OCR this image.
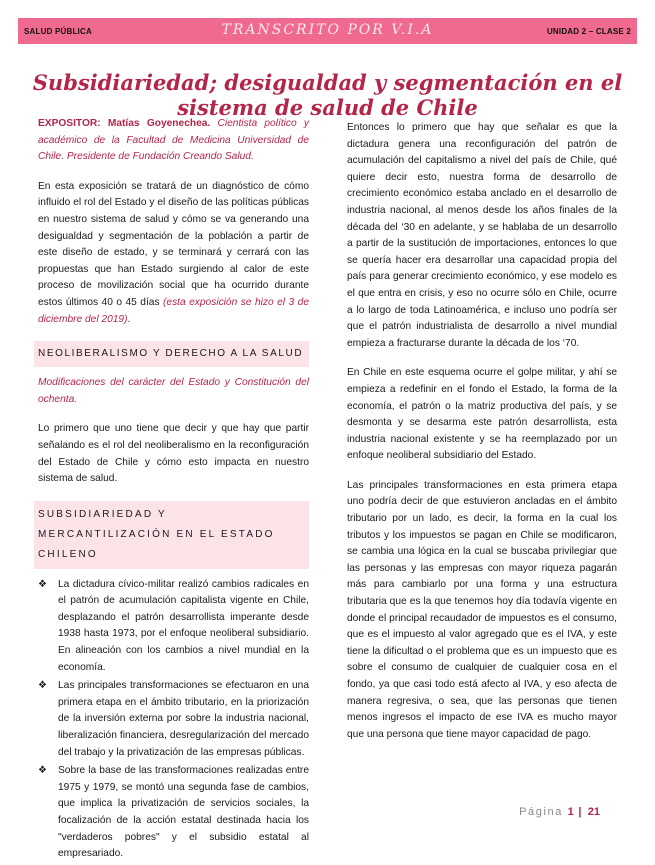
SALUD PÚBLICA	TRANSCRITO POR V.I.A	UNIDAD 2 – CLASE 2
Subsidiariedad; desigualdad y segmentación en el sistema de salud de Chile

EXPOSITOR: Matías Goyenechea. Cientista político y académico de la Facultad de Medicina Universidad de Chile. Presidente de Fundación Creando Salud.

En esta exposición se tratará de un diagnóstico de cómo influido el rol del Estado y el diseño de las políticas públicas en nuestro sistema de salud y cómo se va generando una desigualdad y segmentación de la población a partir de este diseño de estado, y se terminará y cerrará con las propuestas que han Estado surgiendo al calor de este proceso de movilización social que ha ocurrido durante estos últimos 40 o 45 días (esta exposición se hizo el 3 de diciembre del 2019).

NEOLIBERALISMO Y DERECHO A LA SALUD

Modificaciones del carácter del Estado y Constitución del ochenta.

Lo primero que uno tiene que decir y que hay que partir señalando es el rol del neoliberalismo en la reconfiguración del Estado de Chile y cómo esto impacta en nuestro sistema de salud.

SUBSIDIARIEDAD Y MERCANTILIZACIÓN EN EL ESTADO CHILENO
❖ La dictadura cívico-militar realizó cambios radicales en el patrón de acumulación capitalista vigente en Chile, desplazando el patrón desarrollista imperante desde 1938 hasta 1973, por el enfoque neoliberal subsidiario. En alineación con los cambios a nivel mundial en la economía.
❖ Las principales transformaciones se efectuaron en una primera etapa en el ámbito tributario, en la priorización de la inversión externa por sobre la industria nacional, liberalización financiera, desregularización del mercado del trabajo y la privatización de las empresas públicas.
❖ Sobre la base de las transformaciones realizadas entre 1975 y 1979, se montó una segunda fase de cambios, que implica la privatización de servicios sociales, la focalización de la acción estatal destinada hacia los "verdaderos pobres" y el subsidio estatal al empresariado.

Entonces lo primero que hay que señalar es que la dictadura genera una reconfiguración del patrón de acumulación del capitalismo a nivel del país de Chile, qué quiere decir esto, nuestra forma de desarrollo de crecimiento económico estaba anclado en el desarrollo de industria nacional, al menos desde los años finales de la década del ‘30 en adelante, y se hablaba de un desarrollo a partir de la sustitución de importaciones, entonces lo que se quería hacer era desarrollar una capacidad propia del país para generar crecimiento económico, y ese modelo es el que entra en crisis, y eso no ocurre sólo en Chile, ocurre a lo largo de toda Latinoamérica, e incluso uno podría ser que el patrón industrialista de desarrollo a nivel mundial empieza a fracturarse durante la década de los ‘70.

En Chile en este esquema ocurre el golpe militar, y ahí se empieza a redefinir en el fondo el Estado, la forma de la economía, el patrón o la matriz productiva del país, y se desmonta y se desarma este patrón desarrollista, esta industria nacional existente y se ha reemplazado por un enfoque neoliberal subsidiario del Estado.

Las principales transformaciones en esta primera etapa uno podría decir de que estuvieron ancladas en el ámbito tributario por un lado, es decir, la forma en la cual los tributos y los impuestos se pagan en Chile se modificaron, se cambia una lógica en la cual se buscaba privilegiar que las personas y las empresas con mayor riqueza pagarán más para cambiarlo por una forma y una estructura tributaria que es la que tenemos hoy día todavía vigente en donde el principal recaudador de impuestos es el consumo, que es el impuesto al valor agregado que es el IVA, y este tiene la dificultad o el problema que es un impuesto que es sobre el consumo de cualquier de cualquier cosa en el fondo, ya que casi todo está afecto al IVA, y eso afecta de manera regresiva, o sea, que las personas que tienen menos ingresos el impacto de ese IVA es mucho mayor que una persona que tiene mayor capacidad de pago.

Página 1 | 21
